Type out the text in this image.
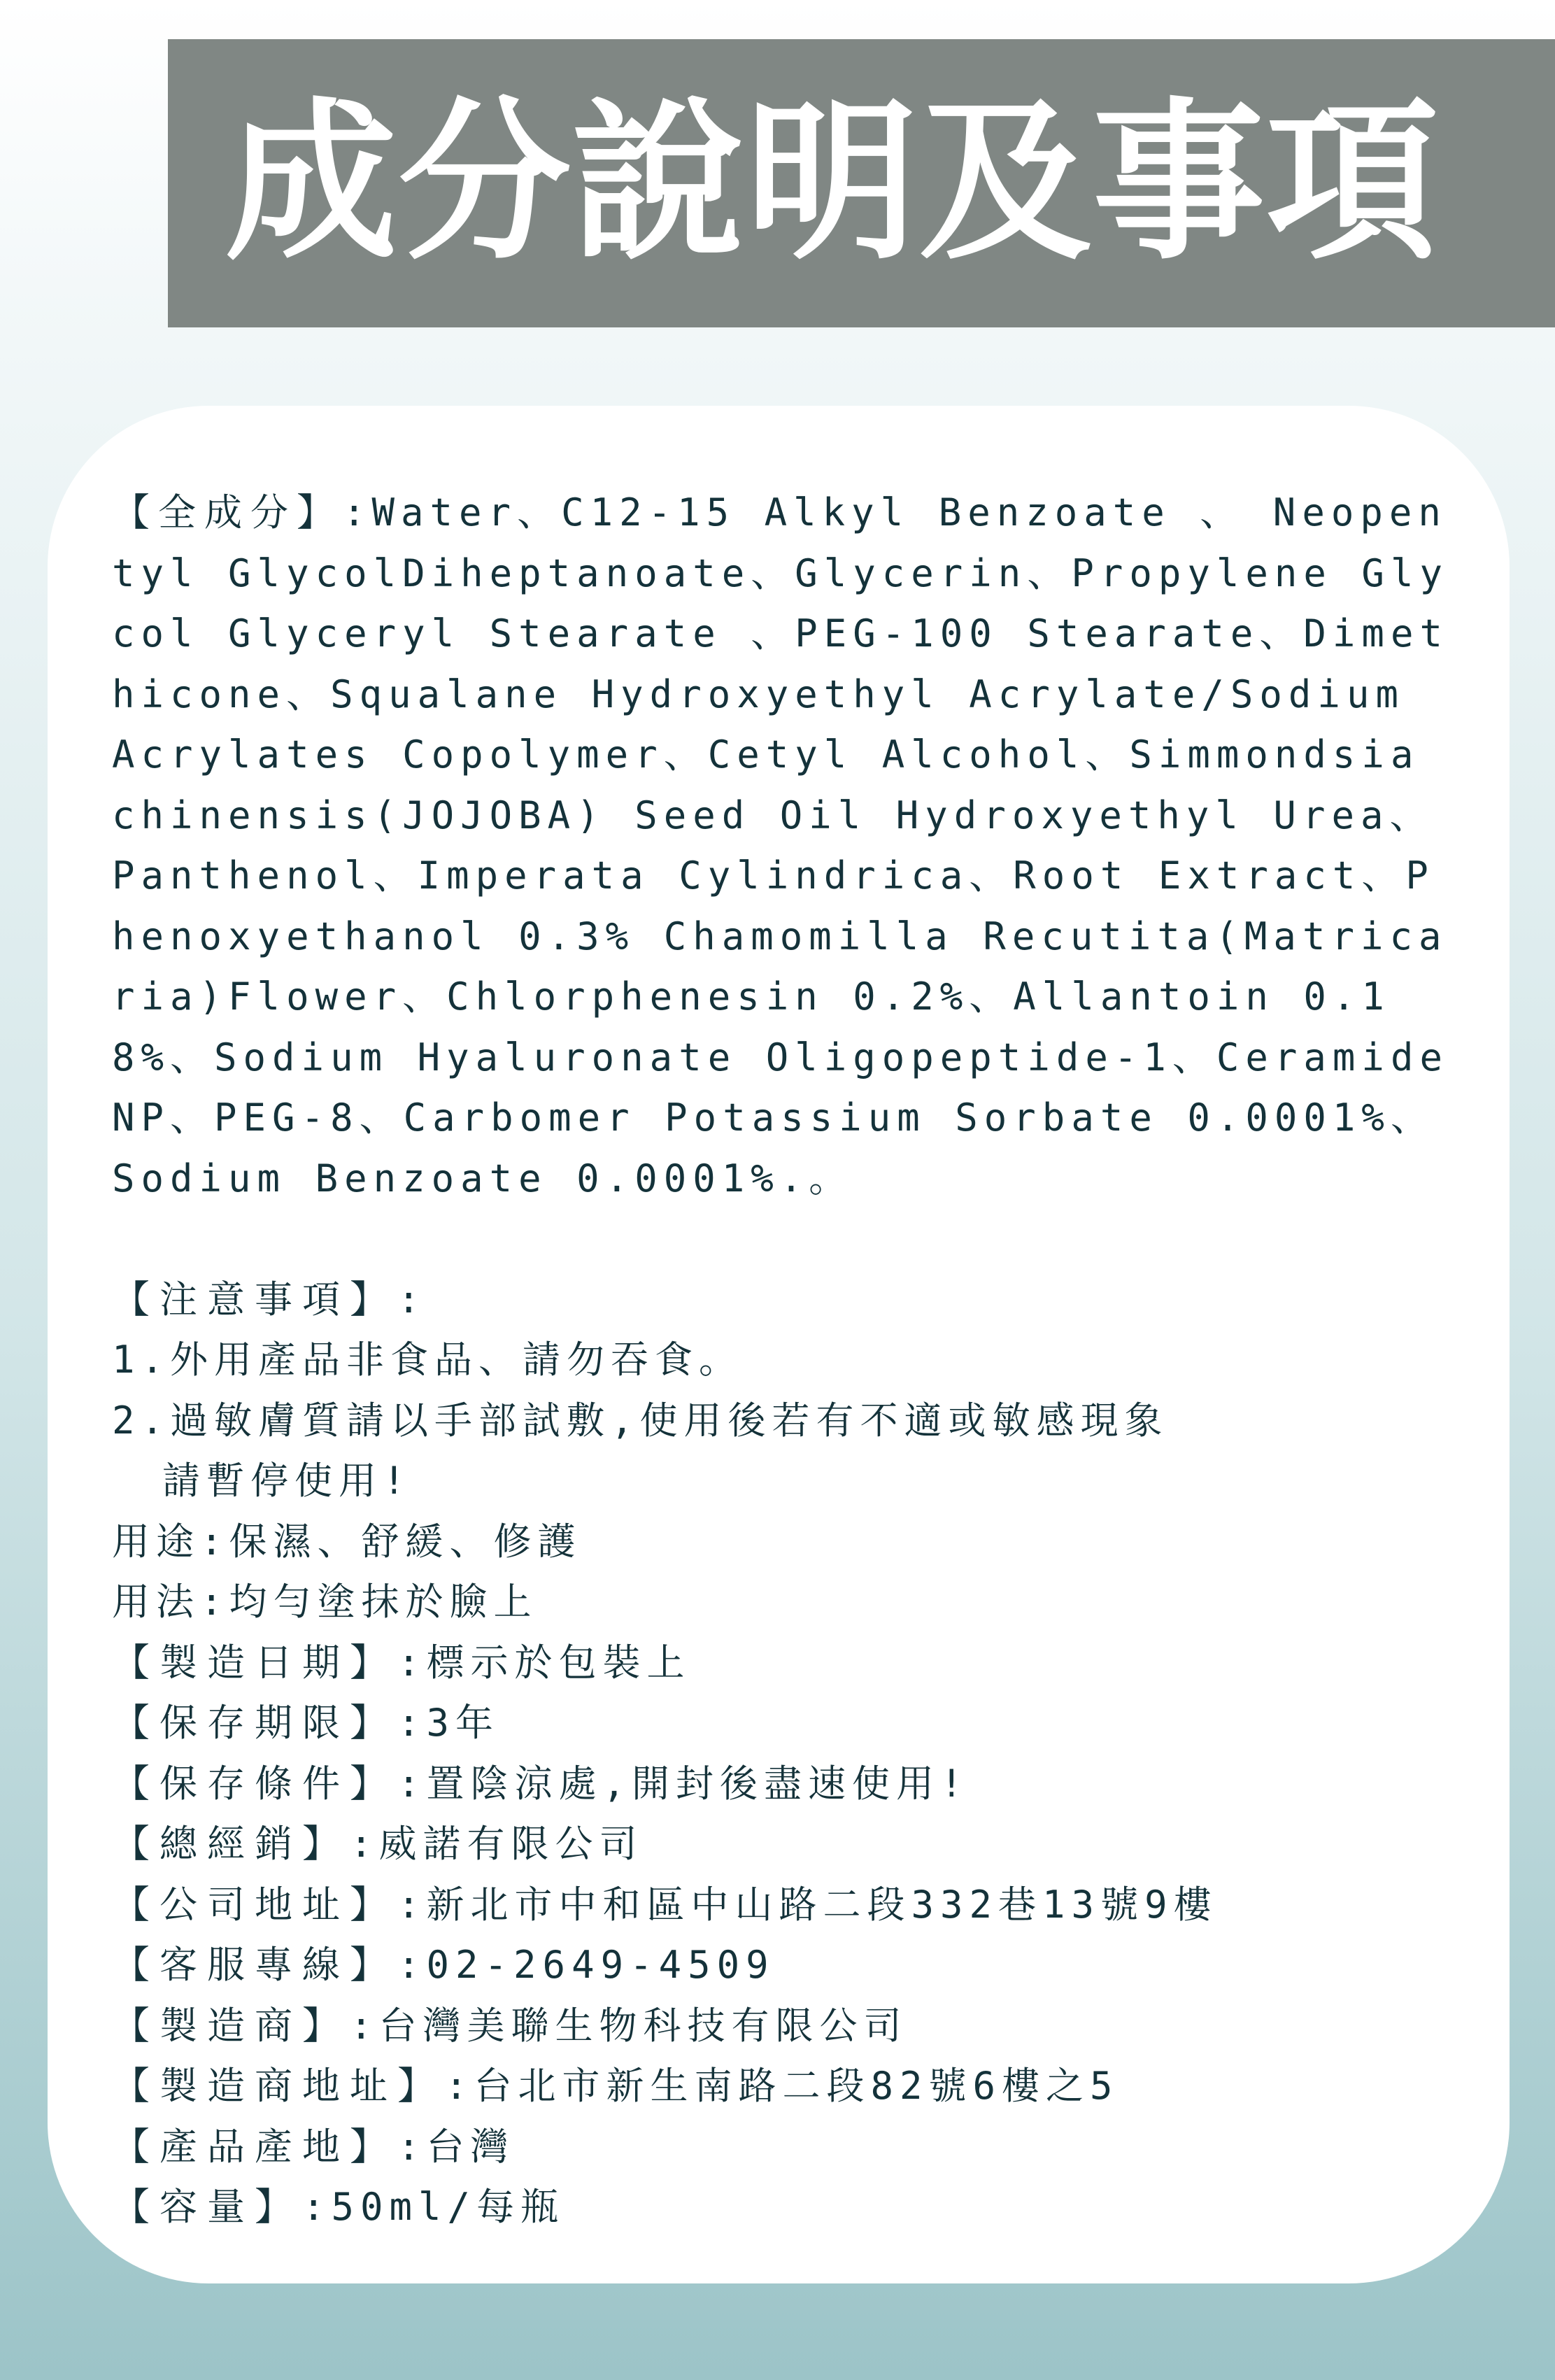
成分說明及事項

【全成分】:Water、C12-15 Alkyl Benzoate 、 Neopentyl GlycolDiheptanoate、Glycerin、Propylene Glycol Glyceryl Stearate 、PEG-100 Stearate、Dimethicone、Squalane Hydroxyethyl Acrylate/Sodium Acrylates Copolymer、Cetyl Alcohol、Simmondsia chinensis(JOJOBA) Seed Oil Hydroxyethyl Urea、Panthenol、Imperata Cylindrica、Root Extract、Phenoxyethanol 0.3% Chamomilla Recutita(Matricaria)Flower、Chlorphenesin 0.2%、Allantoin 0.18%、Sodium Hyaluronate Oligopeptide-1、Ceramide NP、PEG-8、Carbomer Potassium Sorbate 0.0001%、Sodium Benzoate 0.0001%.。

【注意事項】:

1.外用產品非食品、請勿吞食。

2.過敏膚質請以手部試敷,使用後若有不適或敏感現象

請暫停使用!

用途:保濕、舒緩、修護

用法:均勻塗抹於臉上

【製造日期】:標示於包裝上

【保存期限】:3年

【保存條件】:置陰涼處,開封後盡速使用!

【總經銷】:威諾有限公司

【公司地址】:新北市中和區中山路二段332巷13號9樓

【客服專線】:02-2649-4509

【製造商】:台灣美聯生物科技有限公司

【製造商地址】:台北市新生南路二段82號6樓之5

【產品產地】:台灣

【容量】:50ml/每瓶
